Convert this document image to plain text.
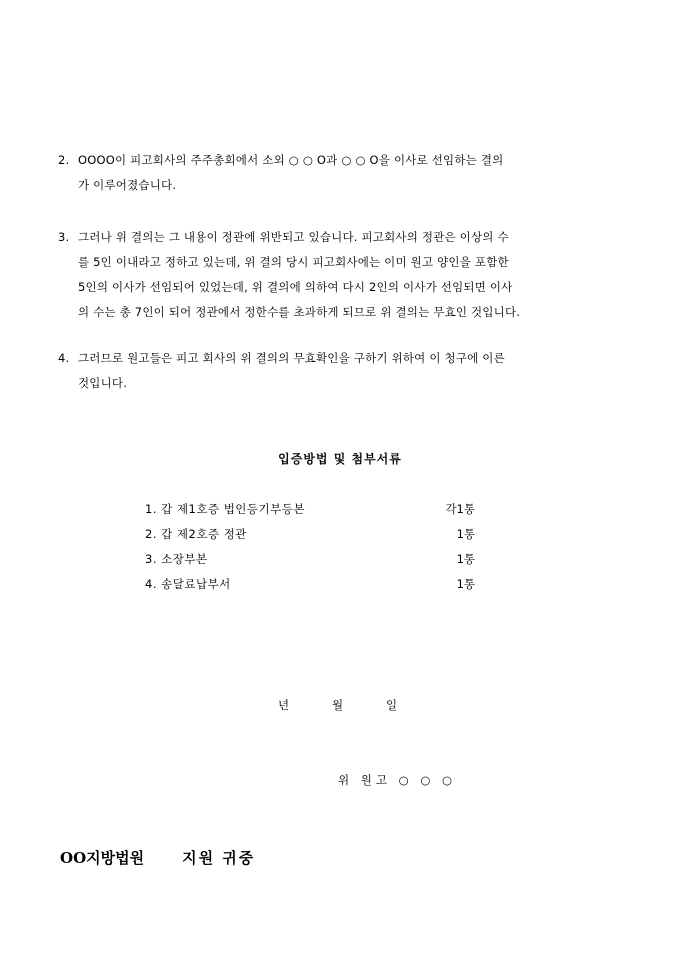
2. OOOO이 피고회사의 주주총회에서 소외 ○ ○ O과 ○ ○ O을 이사로 선임하는 결의
가 이루어졌습니다.
3. 그러나 위 결의는 그 내용이 정관에 위반되고 있습니다. 피고회사의 정관은 이상의 수
를 5인 이내라고 정하고 있는데, 위 결의 당시 피고회사에는 이미 원고 양인을 포함한
5인의 이사가 선임되어 있었는데, 위 결의에 의하여 다시 2인의 이사가 선임되면 이사
의 수는 총 7인이 되어 정관에서 정한수를 초과하게 되므로 위 결의는 무효인 것입니다.
4. 그러므로 원고들은 피고 회사의 위 결의의 무효확인을 구하기 위하여 이 청구에 이른
것입니다.
입증방법 및 첨부서류
1. 갑 제1호증 법인등기부등본	각1통
2. 갑 제2호증 정관	1통
3. 소장부본	1통
4. 송달료납부서	1통
년	월	일
위 원고 ○ ○ ○
OO지방법원	지원 귀중
